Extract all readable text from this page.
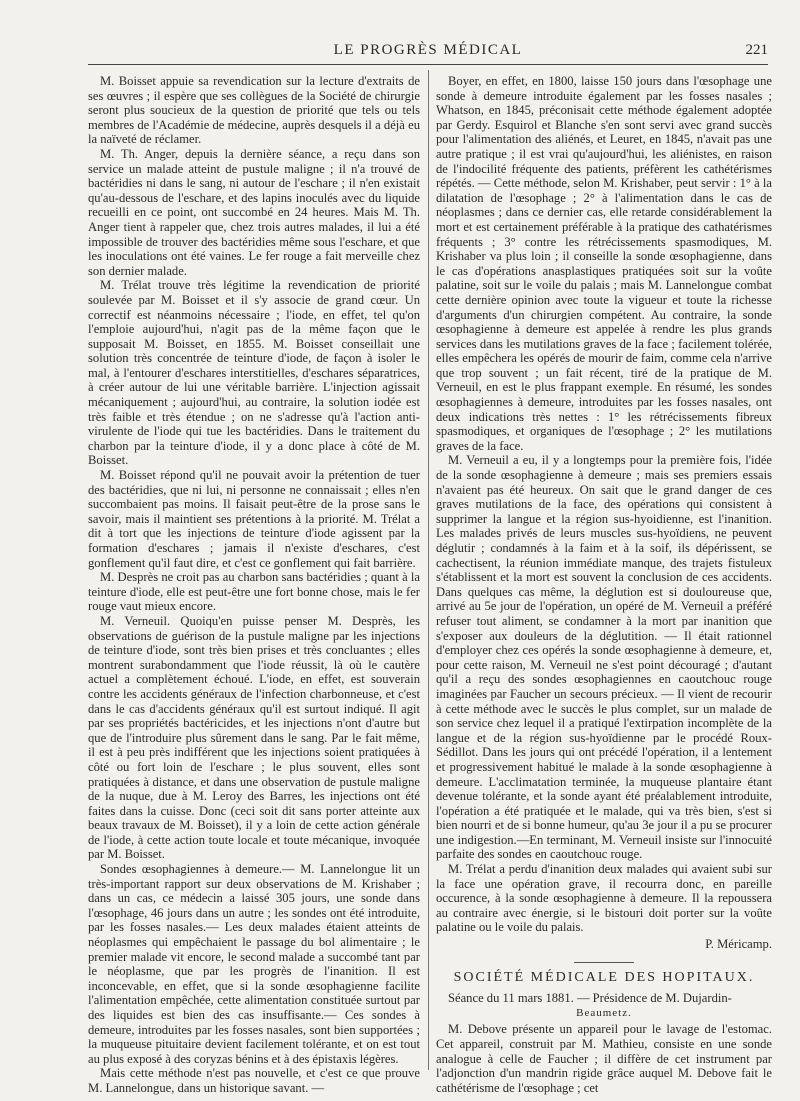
LE PROGRÈS MÉDICAL	221

M. Boisset appuie sa revendication sur la lecture d'extraits de ses œuvres ; il espère que ses collègues de la Société de chirurgie seront plus soucieux de la question de priorité que tels ou tels membres de l'Académie de médecine, auprès desquels il a déjà eu la naïveté de réclamer.

M. Th. Anger, depuis la dernière séance, a reçu dans son service un malade atteint de pustule maligne ; il n'a trouvé de bactéridies ni dans le sang, ni autour de l'eschare ; il n'en existait qu'au-dessous de l'eschare, et des lapins inoculés avec du liquide recueilli en ce point, ont succombé en 24 heures. Mais M. Th. Anger tient à rappeler que, chez trois autres malades, il lui a été impossible de trouver des bactéridies même sous l'eschare, et que les inoculations ont été vaines. Le fer rouge a fait merveille chez son dernier malade.

M. Trélat trouve très légitime la revendication de priorité soulevée par M. Boisset et il s'y associe de grand cœur. Un correctif est néanmoins nécessaire ; l'iode, en effet, tel qu'on l'emploie aujourd'hui, n'agit pas de la même façon que le supposait M. Boisset, en 1855. M. Boisset conseillait une solution très concentrée de teinture d'iode, de façon à isoler le mal, à l'entourer d'eschares interstitielles, d'eschares séparatrices, à créer autour de lui une véritable barrière. L'injection agissait mécaniquement ; aujourd'hui, au contraire, la solution iodée est très faible et très étendue ; on ne s'adresse qu'à l'action anti-virulente de l'iode qui tue les bactéridies. Dans le traitement du charbon par la teinture d'iode, il y a donc place à côté de M. Boisset.

M. Boisset répond qu'il ne pouvait avoir la prétention de tuer des bactéridies, que ni lui, ni personne ne connaissait ; elles n'en succombaient pas moins. Il faisait peut-être de la prose sans le savoir, mais il maintient ses prétentions à la priorité. M. Trélat a dit à tort que les injections de teinture d'iode agissent par la formation d'eschares ; jamais il n'existe d'eschares, c'est gonflement qu'il faut dire, et c'est ce gonflement qui fait barrière.

M. Desprès ne croit pas au charbon sans bactéridies ; quant à la teinture d'iode, elle est peut-être une fort bonne chose, mais le fer rouge vaut mieux encore.

M. Verneuil. Quoiqu'en puisse penser M. Desprès, les observations de guérison de la pustule maligne par les injections de teinture d'iode, sont très bien prises et très concluantes ; elles montrent surabondamment que l'iode réussit, là où le cautère actuel a complètement échoué. L'iode, en effet, est souverain contre les accidents généraux de l'infection charbonneuse, et c'est dans le cas d'accidents généraux qu'il est surtout indiqué. Il agit par ses propriétés bactéricides, et les injections n'ont d'autre but que de l'introduire plus sûrement dans le sang. Par le fait même, il est à peu près indifférent que les injections soient pratiquées à côté ou fort loin de l'eschare ; le plus souvent, elles sont pratiquées à distance, et dans une observation de pustule maligne de la nuque, due à M. Leroy des Barres, les injections ont été faites dans la cuisse. Donc (ceci soit dit sans porter atteinte aux beaux travaux de M. Boisset), il y a loin de cette action générale de l'iode, à cette action toute locale et toute mécanique, invoquée par M. Boisset.

Sondes œsophagiennes à demeure.— M. Lannelongue lit un très-important rapport sur deux observations de M. Krishaber ; dans un cas, ce médecin a laissé 305 jours, une sonde dans l'œsophage, 46 jours dans un autre ; les sondes ont été introduite, par les fosses nasales.— Les deux malades étaient atteints de néoplasmes qui empêchaient le passage du bol alimentaire ; le premier malade vit encore, le second malade a succombé tant par le néoplasme, que par les progrès de l'inanition. Il est inconcevable, en effet, que si la sonde œsophagienne facilite l'alimentation empêchée, cette alimentation constituée surtout par des liquides est bien des cas insuffisante.— Ces sondes à demeure, introduites par les fosses nasales, sont bien supportées ; la muqueuse pituitaire devient facilement tolérante, et on est tout au plus exposé à des coryzas bénins et à des épistaxis légères.

Mais cette méthode n'est pas nouvelle, et c'est ce que prouve M. Lannelongue, dans un historique savant. —

Boyer, en effet, en 1800, laisse 150 jours dans l'œsophage une sonde à demeure introduite également par les fosses nasales ; Whatson, en 1845, préconisait cette méthode également adoptée par Gerdy. Esquirol et Blanche s'en sont servi avec grand succès pour l'alimentation des aliénés, et Leuret, en 1845, n'avait pas une autre pratique ; il est vrai qu'aujourd'hui, les aliénistes, en raison de l'indocilité fréquente des patients, préfèrent les cathétérismes répétés. — Cette méthode, selon M. Krishaber, peut servir : 1° à la dilatation de l'œsophage ; 2° à l'alimentation dans le cas de néoplasmes ; dans ce dernier cas, elle retarde considérablement la mort et est certainement préférable à la pratique des cathatérismes fréquents ; 3° contre les rétrécissements spasmodiques, M. Krishaber va plus loin ; il conseille la sonde œsophagienne, dans le cas d'opérations anasplastiques pratiquées soit sur la voûte palatine, soit sur le voile du palais ; mais M. Lannelongue combat cette dernière opinion avec toute la vigueur et toute la richesse d'arguments d'un chirurgien compétent. Au contraire, la sonde œsophagienne à demeure est appelée à rendre les plus grands services dans les mutilations graves de la face ; facilement tolérée, elles empêchera les opérés de mourir de faim, comme cela n'arrive que trop souvent ; un fait récent, tiré de la pratique de M. Verneuil, en est le plus frappant exemple. En résumé, les sondes œsophagiennes à demeure, introduites par les fosses nasales, ont deux indications très nettes : 1° les rétrécissements fibreux spasmodiques, et organiques de l'œsophage ; 2° les mutilations graves de la face.

M. Verneuil a eu, il y a longtemps pour la première fois, l'idée de la sonde œsophagienne à demeure ; mais ses premiers essais n'avaient pas été heureux. On sait que le grand danger de ces graves mutilations de la face, des opérations qui consistent à supprimer la langue et la région sus-hyoidienne, est l'inanition. Les malades privés de leurs muscles sus-hyoïdiens, ne peuvent déglutir ; condamnés à la faim et à la soif, ils dépérissent, se cachectisent, la réunion immédiate manque, des trajets fistuleux s'établissent et la mort est souvent la conclusion de ces accidents. Dans quelques cas même, la déglution est si douloureuse que, arrivé au 5e jour de l'opération, un opéré de M. Verneuil a préféré refuser tout aliment, se condamner à la mort par inanition que s'exposer aux douleurs de la déglutition. — Il était rationnel d'employer chez ces opérés la sonde œsophagienne à demeure, et, pour cette raison, M. Verneuil ne s'est point découragé ; d'autant qu'il a reçu des sondes œsophagiennes en caoutchouc rouge imaginées par Faucher un secours précieux. — Il vient de recourir à cette méthode avec le succès le plus complet, sur un malade de son service chez lequel il a pratiqué l'extirpation incomplète de la langue et de la région sus-hyoïdienne par le procédé Roux-Sédillot. Dans les jours qui ont précédé l'opération, il a lentement et progressivement habitué le malade à la sonde œsophagienne à demeure. L'acclimatation terminée, la muqueuse plantaire étant devenue tolérante, et la sonde ayant été préalablement introduite, l'opération a été pratiquée et le malade, qui va très bien, s'est si bien nourri et de si bonne humeur, qu'au 3e jour il a pu se procurer une indigestion.—En terminant, M. Verneuil insiste sur l'innocuité parfaite des sondes en caoutchouc rouge.

M. Trélat a perdu d'inanition deux malades qui avaient subi sur la face une opération grave, il recourra donc, en pareille occurence, à la sonde œsophagienne à demeure. Il la repoussera au contraire avec énergie, si le bistouri doit porter sur la voûte palatine ou le voile du palais.

P. Méricamp.

SOCIÉTÉ MÉDICALE DES HOPITAUX.

Séance du 11 mars 1881. — Présidence de M. Dujardin-

Beaumetz.

M. Debove présente un appareil pour le lavage de l'estomac. Cet appareil, construit par M. Mathieu, consiste en une sonde analogue à celle de Faucher ; il diffère de cet instrument par l'adjonction d'un mandrin rigide grâce auquel M. Debove fait le cathétérisme de l'œsophage ; cet
